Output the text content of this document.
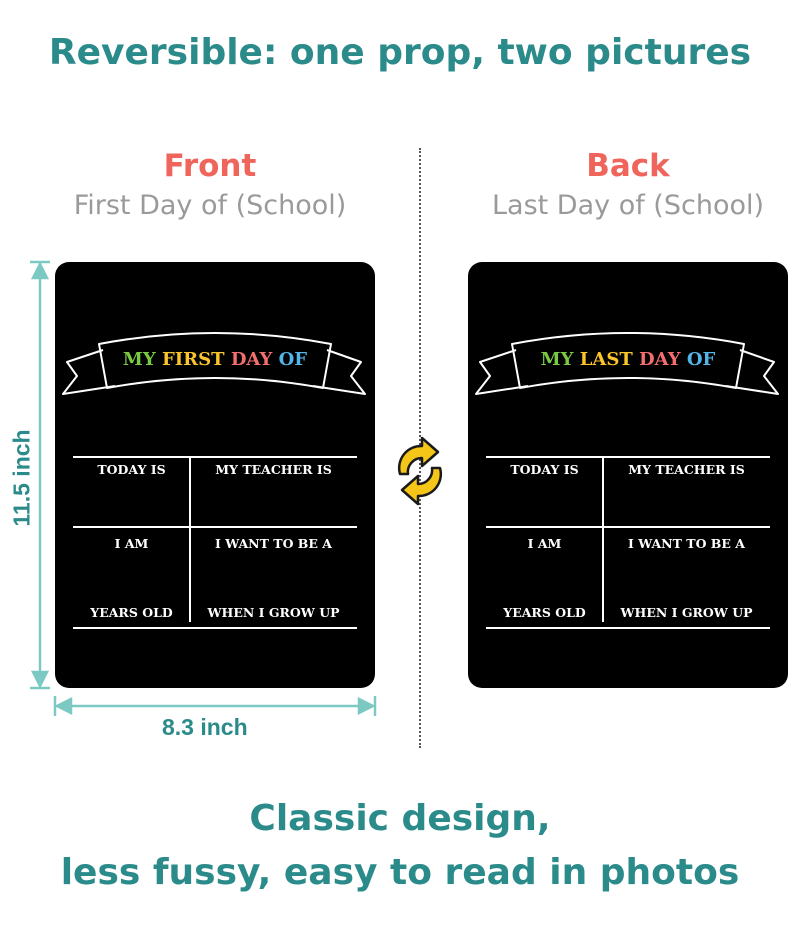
Reversible: one prop, two pictures
Front
First Day of (School)
Back
Last Day of (School)
MY FIRST DAY OF
TODAY IS	MY TEACHER IS
I AM	I WANT TO BE A
YEARS OLD	WHEN I GROW UP
MY LAST DAY OF
TODAY IS	MY TEACHER IS
I AM	I WANT TO BE A
YEARS OLD	WHEN I GROW UP
11.5 inch
8.3 inch
Classic design,
less fussy, easy to read in photos
